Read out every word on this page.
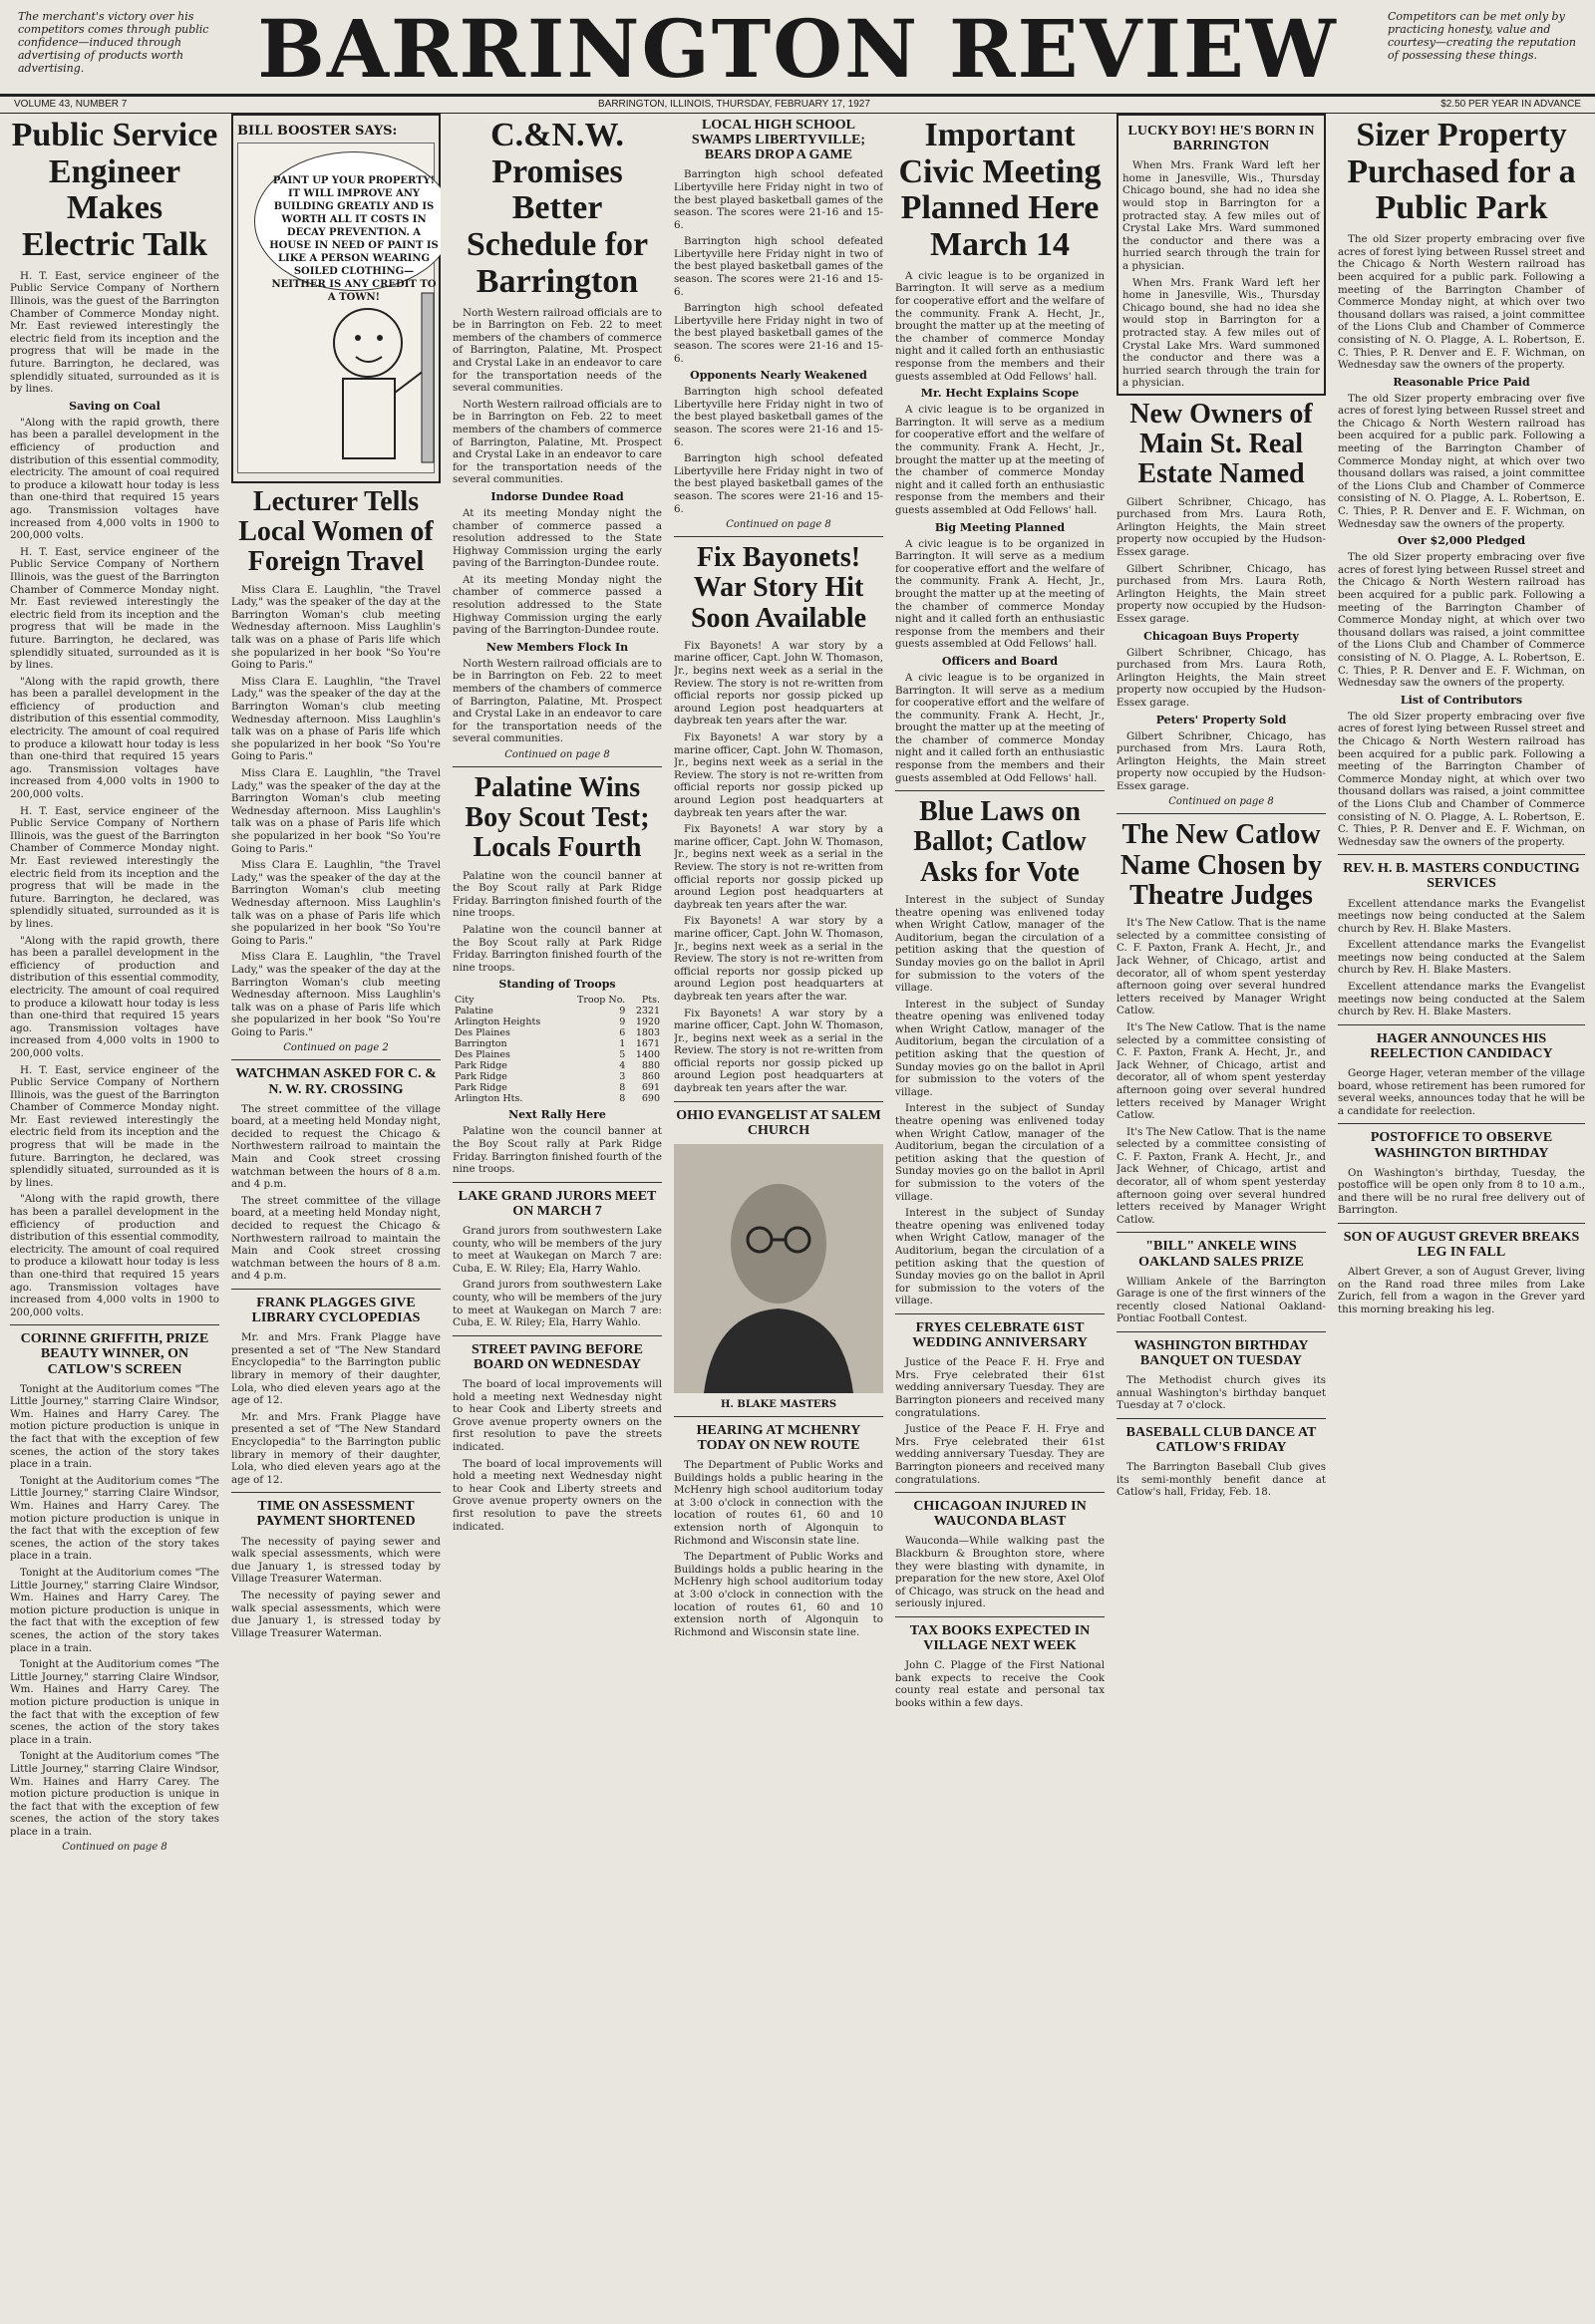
The merchant's victory over his competitors comes through public confidence—induced through advertising of products worth advertising.	BARRINGTON REVIEW	Competitors can be met only by practicing honesty, value and courtesy—creating the reputation of possessing these things.
VOLUME 43, NUMBER 7	BARRINGTON, ILLINOIS, THURSDAY, FEBRUARY 17, 1927	$2.50 PER YEAR IN ADVANCE
Public Service Engineer Makes Electric Talk
H. T. East, service engineer of the Public Service Company of Northern Illinois, was the guest of the Barrington Chamber of Commerce Monday night. Mr. East reviewed interestingly the electric field from its inception and the progress that will be made in the future. Barrington, he declared, was splendidly situated, surrounded as it is by lines.
Saving on Coal
"Along with the rapid growth, there has been a parallel development in the efficiency of production and distribution of this essential commodity, electricity. The amount of coal required to produce a kilowatt hour today is less than one-third that required 15 years ago. Transmission voltages have increased from 4,000 volts in 1900 to 200,000 volts.
H. T. East, service engineer of the Public Service Company of Northern Illinois, was the guest of the Barrington Chamber of Commerce Monday night. Mr. East reviewed interestingly the electric field from its inception and the progress that will be made in the future. Barrington, he declared, was splendidly situated, surrounded as it is by lines.
"Along with the rapid growth, there has been a parallel development in the efficiency of production and distribution of this essential commodity, electricity. The amount of coal required to produce a kilowatt hour today is less than one-third that required 15 years ago. Transmission voltages have increased from 4,000 volts in 1900 to 200,000 volts.
H. T. East, service engineer of the Public Service Company of Northern Illinois, was the guest of the Barrington Chamber of Commerce Monday night. Mr. East reviewed interestingly the electric field from its inception and the progress that will be made in the future. Barrington, he declared, was splendidly situated, surrounded as it is by lines.
"Along with the rapid growth, there has been a parallel development in the efficiency of production and distribution of this essential commodity, electricity. The amount of coal required to produce a kilowatt hour today is less than one-third that required 15 years ago. Transmission voltages have increased from 4,000 volts in 1900 to 200,000 volts.
H. T. East, service engineer of the Public Service Company of Northern Illinois, was the guest of the Barrington Chamber of Commerce Monday night. Mr. East reviewed interestingly the electric field from its inception and the progress that will be made in the future. Barrington, he declared, was splendidly situated, surrounded as it is by lines.
"Along with the rapid growth, there has been a parallel development in the efficiency of production and distribution of this essential commodity, electricity. The amount of coal required to produce a kilowatt hour today is less than one-third that required 15 years ago. Transmission voltages have increased from 4,000 volts in 1900 to 200,000 volts.
CORINNE GRIFFITH, PRIZE BEAUTY WINNER, ON CATLOW'S SCREEN
Tonight at the Auditorium comes "The Little Journey," starring Claire Windsor, Wm. Haines and Harry Carey. The motion picture production is unique in the fact that with the exception of few scenes, the action of the story takes place in a train.
Tonight at the Auditorium comes "The Little Journey," starring Claire Windsor, Wm. Haines and Harry Carey. The motion picture production is unique in the fact that with the exception of few scenes, the action of the story takes place in a train.
Tonight at the Auditorium comes "The Little Journey," starring Claire Windsor, Wm. Haines and Harry Carey. The motion picture production is unique in the fact that with the exception of few scenes, the action of the story takes place in a train.
Tonight at the Auditorium comes "The Little Journey," starring Claire Windsor, Wm. Haines and Harry Carey. The motion picture production is unique in the fact that with the exception of few scenes, the action of the story takes place in a train.
Tonight at the Auditorium comes "The Little Journey," starring Claire Windsor, Wm. Haines and Harry Carey. The motion picture production is unique in the fact that with the exception of few scenes, the action of the story takes place in a train.
Continued on page 8
BILL BOOSTER SAYS:
PAINT UP YOUR PROPERTY! IT WILL IMPROVE ANY BUILDING GREATLY AND IS WORTH ALL IT COSTS IN DECAY PREVENTION. A HOUSE IN NEED OF PAINT IS LIKE A PERSON WEARING SOILED CLOTHING—NEITHER IS ANY CREDIT TO A TOWN!
Lecturer Tells Local Women of Foreign Travel
Miss Clara E. Laughlin, "the Travel Lady," was the speaker of the day at the Barrington Woman's club meeting Wednesday afternoon. Miss Laughlin's talk was on a phase of Paris life which she popularized in her book "So You're Going to Paris."
Miss Clara E. Laughlin, "the Travel Lady," was the speaker of the day at the Barrington Woman's club meeting Wednesday afternoon. Miss Laughlin's talk was on a phase of Paris life which she popularized in her book "So You're Going to Paris."
Miss Clara E. Laughlin, "the Travel Lady," was the speaker of the day at the Barrington Woman's club meeting Wednesday afternoon. Miss Laughlin's talk was on a phase of Paris life which she popularized in her book "So You're Going to Paris."
Miss Clara E. Laughlin, "the Travel Lady," was the speaker of the day at the Barrington Woman's club meeting Wednesday afternoon. Miss Laughlin's talk was on a phase of Paris life which she popularized in her book "So You're Going to Paris."
Miss Clara E. Laughlin, "the Travel Lady," was the speaker of the day at the Barrington Woman's club meeting Wednesday afternoon. Miss Laughlin's talk was on a phase of Paris life which she popularized in her book "So You're Going to Paris."
Continued on page 2
WATCHMAN ASKED FOR C. & N. W. RY. CROSSING
The street committee of the village board, at a meeting held Monday night, decided to request the Chicago & Northwestern railroad to maintain the Main and Cook street crossing watchman between the hours of 8 a.m. and 4 p.m.
The street committee of the village board, at a meeting held Monday night, decided to request the Chicago & Northwestern railroad to maintain the Main and Cook street crossing watchman between the hours of 8 a.m. and 4 p.m.
FRANK PLAGGES GIVE LIBRARY CYCLOPEDIAS
Mr. and Mrs. Frank Plagge have presented a set of "The New Standard Encyclopedia" to the Barrington public library in memory of their daughter, Lola, who died eleven years ago at the age of 12.
Mr. and Mrs. Frank Plagge have presented a set of "The New Standard Encyclopedia" to the Barrington public library in memory of their daughter, Lola, who died eleven years ago at the age of 12.
TIME ON ASSESSMENT PAYMENT SHORTENED
The necessity of paying sewer and walk special assessments, which were due January 1, is stressed today by Village Treasurer Waterman.
The necessity of paying sewer and walk special assessments, which were due January 1, is stressed today by Village Treasurer Waterman.
C.&N.W. Promises Better Schedule for Barrington
North Western railroad officials are to be in Barrington on Feb. 22 to meet members of the chambers of commerce of Barrington, Palatine, Mt. Prospect and Crystal Lake in an endeavor to care for the transportation needs of the several communities.
North Western railroad officials are to be in Barrington on Feb. 22 to meet members of the chambers of commerce of Barrington, Palatine, Mt. Prospect and Crystal Lake in an endeavor to care for the transportation needs of the several communities.
Indorse Dundee Road
At its meeting Monday night the chamber of commerce passed a resolution addressed to the State Highway Commission urging the early paving of the Barrington-Dundee route.
At its meeting Monday night the chamber of commerce passed a resolution addressed to the State Highway Commission urging the early paving of the Barrington-Dundee route.
New Members Flock In
North Western railroad officials are to be in Barrington on Feb. 22 to meet members of the chambers of commerce of Barrington, Palatine, Mt. Prospect and Crystal Lake in an endeavor to care for the transportation needs of the several communities.
Continued on page 8
Palatine Wins Boy Scout Test; Locals Fourth
Palatine won the council banner at the Boy Scout rally at Park Ridge Friday. Barrington finished fourth of the nine troops.
Palatine won the council banner at the Boy Scout rally at Park Ridge Friday. Barrington finished fourth of the nine troops.
Standing of Troops
City	Troop No.	Pts.
Palatine	9	2321
Arlington Heights	9	1920
Des Plaines	6	1803
Barrington	1	1671
Des Plaines	5	1400
Park Ridge	4	880
Park Ridge	3	860
Park Ridge	8	691
Arlington Hts.	8	690
Next Rally Here
Palatine won the council banner at the Boy Scout rally at Park Ridge Friday. Barrington finished fourth of the nine troops.
LAKE GRAND JURORS MEET ON MARCH 7
Grand jurors from southwestern Lake county, who will be members of the jury to meet at Waukegan on March 7 are: Cuba, E. W. Riley; Ela, Harry Wahlo.
Grand jurors from southwestern Lake county, who will be members of the jury to meet at Waukegan on March 7 are: Cuba, E. W. Riley; Ela, Harry Wahlo.
STREET PAVING BEFORE BOARD ON WEDNESDAY
The board of local improvements will hold a meeting next Wednesday night to hear Cook and Liberty streets and Grove avenue property owners on the first resolution to pave the streets indicated.
The board of local improvements will hold a meeting next Wednesday night to hear Cook and Liberty streets and Grove avenue property owners on the first resolution to pave the streets indicated.
LOCAL HIGH SCHOOL SWAMPS LIBERTYVILLE; BEARS DROP A GAME
Barrington high school defeated Libertyville here Friday night in two of the best played basketball games of the season. The scores were 21-16 and 15-6.
Barrington high school defeated Libertyville here Friday night in two of the best played basketball games of the season. The scores were 21-16 and 15-6.
Barrington high school defeated Libertyville here Friday night in two of the best played basketball games of the season. The scores were 21-16 and 15-6.
Opponents Nearly Weakened
Barrington high school defeated Libertyville here Friday night in two of the best played basketball games of the season. The scores were 21-16 and 15-6.
Barrington high school defeated Libertyville here Friday night in two of the best played basketball games of the season. The scores were 21-16 and 15-6.
Continued on page 8
Fix Bayonets! War Story Hit Soon Available
Fix Bayonets! A war story by a marine officer, Capt. John W. Thomason, Jr., begins next week as a serial in the Review. The story is not re-written from official reports nor gossip picked up around Legion post headquarters at daybreak ten years after the war.
Fix Bayonets! A war story by a marine officer, Capt. John W. Thomason, Jr., begins next week as a serial in the Review. The story is not re-written from official reports nor gossip picked up around Legion post headquarters at daybreak ten years after the war.
Fix Bayonets! A war story by a marine officer, Capt. John W. Thomason, Jr., begins next week as a serial in the Review. The story is not re-written from official reports nor gossip picked up around Legion post headquarters at daybreak ten years after the war.
Fix Bayonets! A war story by a marine officer, Capt. John W. Thomason, Jr., begins next week as a serial in the Review. The story is not re-written from official reports nor gossip picked up around Legion post headquarters at daybreak ten years after the war.
Fix Bayonets! A war story by a marine officer, Capt. John W. Thomason, Jr., begins next week as a serial in the Review. The story is not re-written from official reports nor gossip picked up around Legion post headquarters at daybreak ten years after the war.
OHIO EVANGELIST AT SALEM CHURCH
H. BLAKE MASTERS
HEARING AT MCHENRY TODAY ON NEW ROUTE
The Department of Public Works and Buildings holds a public hearing in the McHenry high school auditorium today at 3:00 o'clock in connection with the location of routes 61, 60 and 10 extension north of Algonquin to Richmond and Wisconsin state line.
The Department of Public Works and Buildings holds a public hearing in the McHenry high school auditorium today at 3:00 o'clock in connection with the location of routes 61, 60 and 10 extension north of Algonquin to Richmond and Wisconsin state line.
Important Civic Meeting Planned Here March 14
A civic league is to be organized in Barrington. It will serve as a medium for cooperative effort and the welfare of the community. Frank A. Hecht, Jr., brought the matter up at the meeting of the chamber of commerce Monday night and it called forth an enthusiastic response from the members and their guests assembled at Odd Fellows' hall.
Mr. Hecht Explains Scope
A civic league is to be organized in Barrington. It will serve as a medium for cooperative effort and the welfare of the community. Frank A. Hecht, Jr., brought the matter up at the meeting of the chamber of commerce Monday night and it called forth an enthusiastic response from the members and their guests assembled at Odd Fellows' hall.
Big Meeting Planned
A civic league is to be organized in Barrington. It will serve as a medium for cooperative effort and the welfare of the community. Frank A. Hecht, Jr., brought the matter up at the meeting of the chamber of commerce Monday night and it called forth an enthusiastic response from the members and their guests assembled at Odd Fellows' hall.
Officers and Board
A civic league is to be organized in Barrington. It will serve as a medium for cooperative effort and the welfare of the community. Frank A. Hecht, Jr., brought the matter up at the meeting of the chamber of commerce Monday night and it called forth an enthusiastic response from the members and their guests assembled at Odd Fellows' hall.
Blue Laws on Ballot; Catlow Asks for Vote
Interest in the subject of Sunday theatre opening was enlivened today when Wright Catlow, manager of the Auditorium, began the circulation of a petition asking that the question of Sunday movies go on the ballot in April for submission to the voters of the village.
Interest in the subject of Sunday theatre opening was enlivened today when Wright Catlow, manager of the Auditorium, began the circulation of a petition asking that the question of Sunday movies go on the ballot in April for submission to the voters of the village.
Interest in the subject of Sunday theatre opening was enlivened today when Wright Catlow, manager of the Auditorium, began the circulation of a petition asking that the question of Sunday movies go on the ballot in April for submission to the voters of the village.
Interest in the subject of Sunday theatre opening was enlivened today when Wright Catlow, manager of the Auditorium, began the circulation of a petition asking that the question of Sunday movies go on the ballot in April for submission to the voters of the village.
FRYES CELEBRATE 61ST WEDDING ANNIVERSARY
Justice of the Peace F. H. Frye and Mrs. Frye celebrated their 61st wedding anniversary Tuesday. They are Barrington pioneers and received many congratulations.
Justice of the Peace F. H. Frye and Mrs. Frye celebrated their 61st wedding anniversary Tuesday. They are Barrington pioneers and received many congratulations.
CHICAGOAN INJURED IN WAUCONDA BLAST
Wauconda—While walking past the Blackburn & Broughton store, where they were blasting with dynamite, in preparation for the new store, Axel Olof of Chicago, was struck on the head and seriously injured.
TAX BOOKS EXPECTED IN VILLAGE NEXT WEEK
John C. Plagge of the First National bank expects to receive the Cook county real estate and personal tax books within a few days.
LUCKY BOY! HE'S BORN IN BARRINGTON
When Mrs. Frank Ward left her home in Janesville, Wis., Thursday Chicago bound, she had no idea she would stop in Barrington for a protracted stay. A few miles out of Crystal Lake Mrs. Ward summoned the conductor and there was a hurried search through the train for a physician.
When Mrs. Frank Ward left her home in Janesville, Wis., Thursday Chicago bound, she had no idea she would stop in Barrington for a protracted stay. A few miles out of Crystal Lake Mrs. Ward summoned the conductor and there was a hurried search through the train for a physician.
New Owners of Main St. Real Estate Named
Gilbert Schribner, Chicago, has purchased from Mrs. Laura Roth, Arlington Heights, the Main street property now occupied by the Hudson-Essex garage.
Gilbert Schribner, Chicago, has purchased from Mrs. Laura Roth, Arlington Heights, the Main street property now occupied by the Hudson-Essex garage.
Chicagoan Buys Property
Gilbert Schribner, Chicago, has purchased from Mrs. Laura Roth, Arlington Heights, the Main street property now occupied by the Hudson-Essex garage.
Peters' Property Sold
Gilbert Schribner, Chicago, has purchased from Mrs. Laura Roth, Arlington Heights, the Main street property now occupied by the Hudson-Essex garage.
Continued on page 8
The New Catlow Name Chosen by Theatre Judges
It's The New Catlow. That is the name selected by a committee consisting of C. F. Paxton, Frank A. Hecht, Jr., and Jack Wehner, of Chicago, artist and decorator, all of whom spent yesterday afternoon going over several hundred letters received by Manager Wright Catlow.
It's The New Catlow. That is the name selected by a committee consisting of C. F. Paxton, Frank A. Hecht, Jr., and Jack Wehner, of Chicago, artist and decorator, all of whom spent yesterday afternoon going over several hundred letters received by Manager Wright Catlow.
It's The New Catlow. That is the name selected by a committee consisting of C. F. Paxton, Frank A. Hecht, Jr., and Jack Wehner, of Chicago, artist and decorator, all of whom spent yesterday afternoon going over several hundred letters received by Manager Wright Catlow.
"BILL" ANKELE WINS OAKLAND SALES PRIZE
William Ankele of the Barrington Garage is one of the first winners of the recently closed National Oakland-Pontiac Football Contest.
WASHINGTON BIRTHDAY BANQUET ON TUESDAY
The Methodist church gives its annual Washington's birthday banquet Tuesday at 7 o'clock.
BASEBALL CLUB DANCE AT CATLOW'S FRIDAY
The Barrington Baseball Club gives its semi-monthly benefit dance at Catlow's hall, Friday, Feb. 18.
Sizer Property Purchased for a Public Park
The old Sizer property embracing over five acres of forest lying between Russel street and the Chicago & North Western railroad has been acquired for a public park. Following a meeting of the Barrington Chamber of Commerce Monday night, at which over two thousand dollars was raised, a joint committee of the Lions Club and Chamber of Commerce consisting of N. O. Plagge, A. L. Robertson, E. C. Thies, P. R. Denver and E. F. Wichman, on Wednesday saw the owners of the property.
Reasonable Price Paid
The old Sizer property embracing over five acres of forest lying between Russel street and the Chicago & North Western railroad has been acquired for a public park. Following a meeting of the Barrington Chamber of Commerce Monday night, at which over two thousand dollars was raised, a joint committee of the Lions Club and Chamber of Commerce consisting of N. O. Plagge, A. L. Robertson, E. C. Thies, P. R. Denver and E. F. Wichman, on Wednesday saw the owners of the property.
Over $2,000 Pledged
The old Sizer property embracing over five acres of forest lying between Russel street and the Chicago & North Western railroad has been acquired for a public park. Following a meeting of the Barrington Chamber of Commerce Monday night, at which over two thousand dollars was raised, a joint committee of the Lions Club and Chamber of Commerce consisting of N. O. Plagge, A. L. Robertson, E. C. Thies, P. R. Denver and E. F. Wichman, on Wednesday saw the owners of the property.
List of Contributors
The old Sizer property embracing over five acres of forest lying between Russel street and the Chicago & North Western railroad has been acquired for a public park. Following a meeting of the Barrington Chamber of Commerce Monday night, at which over two thousand dollars was raised, a joint committee of the Lions Club and Chamber of Commerce consisting of N. O. Plagge, A. L. Robertson, E. C. Thies, P. R. Denver and E. F. Wichman, on Wednesday saw the owners of the property.
REV. H. B. MASTERS CONDUCTING SERVICES
Excellent attendance marks the Evangelist meetings now being conducted at the Salem church by Rev. H. Blake Masters.
Excellent attendance marks the Evangelist meetings now being conducted at the Salem church by Rev. H. Blake Masters.
Excellent attendance marks the Evangelist meetings now being conducted at the Salem church by Rev. H. Blake Masters.
HAGER ANNOUNCES HIS REELECTION CANDIDACY
George Hager, veteran member of the village board, whose retirement has been rumored for several weeks, announces today that he will be a candidate for reelection.
POSTOFFICE TO OBSERVE WASHINGTON BIRTHDAY
On Washington's birthday, Tuesday, the postoffice will be open only from 8 to 10 a.m., and there will be no rural free delivery out of Barrington.
SON OF AUGUST GREVER BREAKS LEG IN FALL
Albert Grever, a son of August Grever, living on the Rand road three miles from Lake Zurich, fell from a wagon in the Grever yard this morning breaking his leg.
